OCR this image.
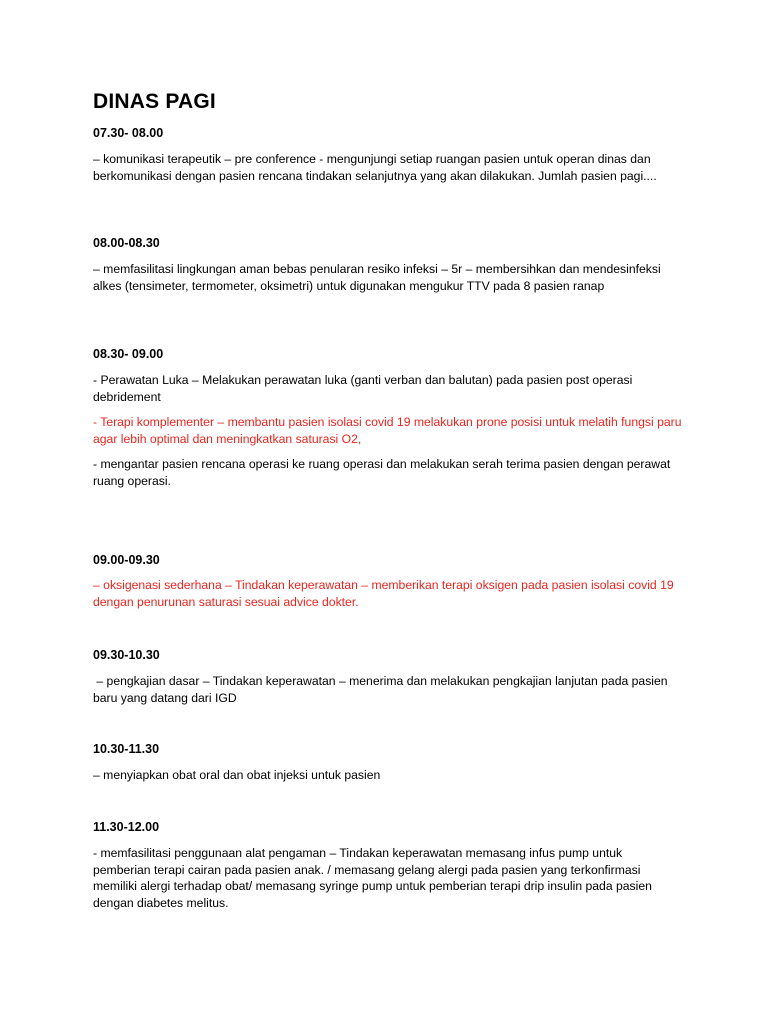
DINAS PAGI
07.30- 08.00

– komunikasi terapeutik – pre conference - mengunjungi setiap ruangan pasien untuk operan dinas dan berkomunikasi dengan pasien rencana tindakan selanjutnya yang akan dilakukan. Jumlah pasien pagi....

08.00-08.30

– memfasilitasi lingkungan aman bebas penularan resiko infeksi – 5r – membersihkan dan mendesinfeksi alkes (tensimeter, termometer, oksimetri) untuk digunakan mengukur TTV pada 8 pasien ranap

08.30- 09.00

- Perawatan Luka – Melakukan perawatan luka (ganti verban dan balutan) pada pasien post operasi debridement

- Terapi komplementer – membantu pasien isolasi covid 19 melakukan prone posisi untuk melatih fungsi paru agar lebih optimal dan meningkatkan saturasi O2,

- mengantar pasien rencana operasi ke ruang operasi dan melakukan serah terima pasien dengan perawat ruang operasi.

09.00-09.30

– oksigenasi sederhana – Tindakan keperawatan – memberikan terapi oksigen pada pasien isolasi covid 19 dengan penurunan saturasi sesuai advice dokter.

09.30-10.30

– pengkajian dasar – Tindakan keperawatan – menerima dan melakukan pengkajian lanjutan pada pasien baru yang datang dari IGD

10.30-11.30

– menyiapkan obat oral dan obat injeksi untuk pasien

11.30-12.00

- memfasilitasi penggunaan alat pengaman – Tindakan keperawatan memasang infus pump untuk pemberian terapi cairan pada pasien anak. / memasang gelang alergi pada pasien yang terkonfirmasi memiliki alergi terhadap obat/ memasang syringe pump untuk pemberian terapi drip insulin pada pasien dengan diabetes melitus.
